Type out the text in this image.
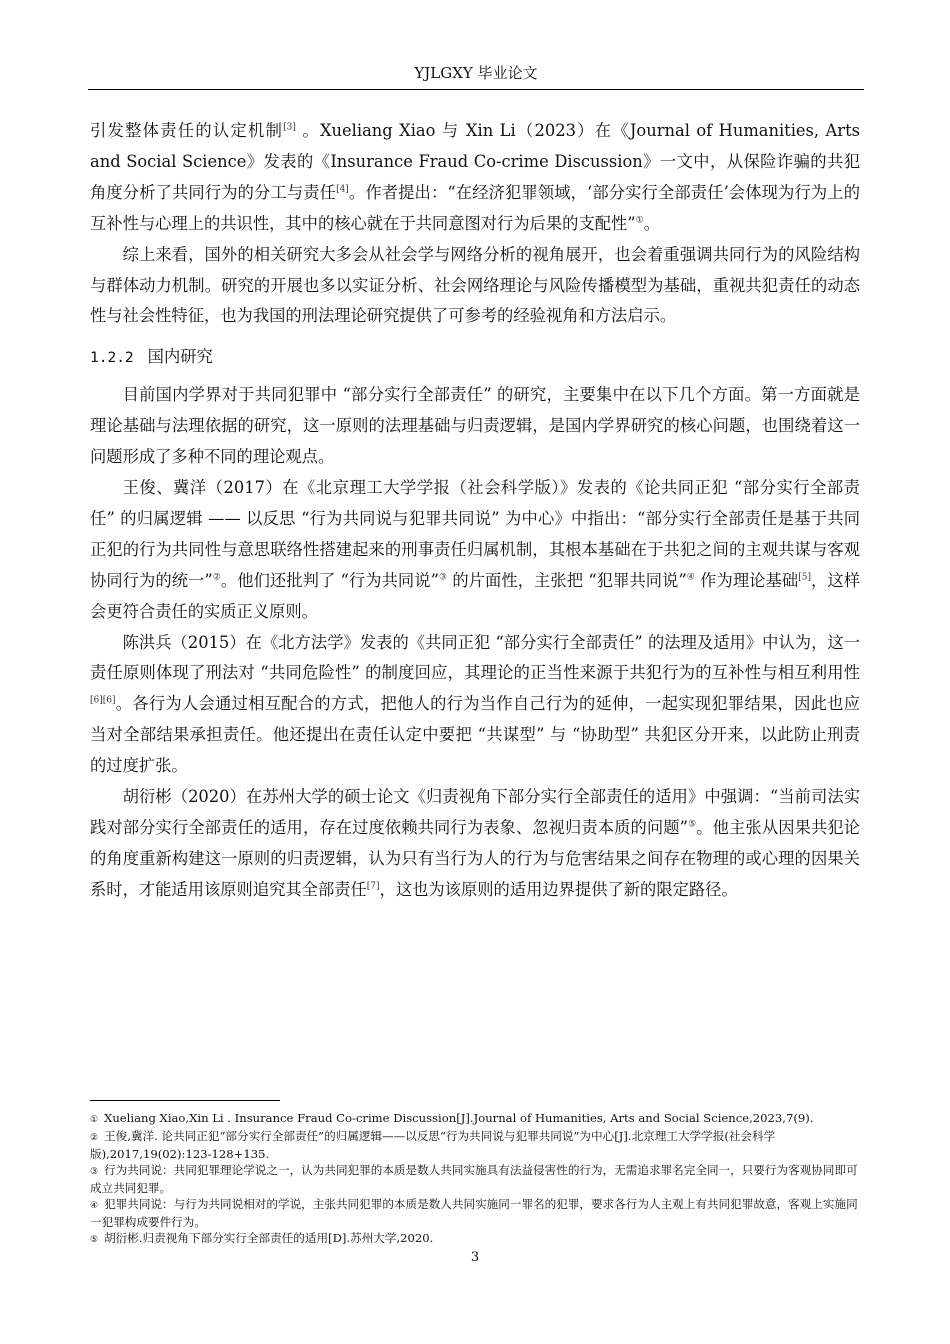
YJLGXY 毕业论文

引发整体责任的认定机制[3] 。Xueliang Xiao 与 Xin Li（2023）在《Journal of Humanities, Arts and Social Science》发表的《Insurance Fraud Co-crime Discussion》一文中，从保险诈骗的共犯角度分析了共同行为的分工与责任[4]。作者提出：“在经济犯罪领域，‘部分实行全部责任’会体现为行为上的互补性与心理上的共识性，其中的核心就在于共同意图对行为后果的支配性”①。

综上来看，国外的相关研究大多会从社会学与网络分析的视角展开，也会着重强调共同行为的风险结构与群体动力机制。研究的开展也多以实证分析、社会网络理论与风险传播模型为基础，重视共犯责任的动态性与社会性特征，也为我国的刑法理论研究提供了可参考的经验视角和方法启示。

1.2.2 国内研究

目前国内学界对于共同犯罪中 “部分实行全部责任” 的研究，主要集中在以下几个方面。第一方面就是理论基础与法理依据的研究，这一原则的法理基础与归责逻辑，是国内学界研究的核心问题，也围绕着这一问题形成了多种不同的理论观点。

王俊、冀洋（2017）在《北京理工大学学报（社会科学版）》发表的《论共同正犯 “部分实行全部责任” 的归属逻辑 —— 以反思 “行为共同说与犯罪共同说” 为中心》中指出：“部分实行全部责任是基于共同正犯的行为共同性与意思联络性搭建起来的刑事责任归属机制，其根本基础在于共犯之间的主观共谋与客观协同行为的统一”②。他们还批判了 “行为共同说”③ 的片面性，主张把 “犯罪共同说”④ 作为理论基础[5]，这样会更符合责任的实质正义原则。

陈洪兵（2015）在《北方法学》发表的《共同正犯 “部分实行全部责任” 的法理及适用》中认为，这一责任原则体现了刑法对 “共同危险性” 的制度回应，其理论的正当性来源于共犯行为的互补性与相互利用性[6][6]。各行为人会通过相互配合的方式，把他人的行为当作自己行为的延伸，一起实现犯罪结果，因此也应当对全部结果承担责任。他还提出在责任认定中要把 “共谋型” 与 “协助型” 共犯区分开来，以此防止刑责的过度扩张。

胡衍彬（2020）在苏州大学的硕士论文《归责视角下部分实行全部责任的适用》中强调：“当前司法实践对部分实行全部责任的适用，存在过度依赖共同行为表象、忽视归责本质的问题”⑤。他主张从因果共犯论的角度重新构建这一原则的归责逻辑，认为只有当行为人的行为与危害结果之间存在物理的或心理的因果关系时，才能适用该原则追究其全部责任[7]，这也为该原则的适用边界提供了新的限定路径。

① Xueliang Xiao,Xin Li . Insurance Fraud Co-crime Discussion[J].Journal of Humanities, Arts and Social Science,2023,7(9).

② 王俊,冀洋. 论共同正犯“部分实行全部责任”的归属逻辑——以反思“行为共同说与犯罪共同说”为中心[J].北京理工大学学报(社会科学版),2017,19(02):123-128+135.

③ 行为共同说：共同犯罪理论学说之一，认为共同犯罪的本质是数人共同实施具有法益侵害性的行为，无需追求罪名完全同一，只要行为客观协同即可成立共同犯罪。

④ 犯罪共同说：与行为共同说相对的学说，主张共同犯罪的本质是数人共同实施同一罪名的犯罪，要求各行为人主观上有共同犯罪故意，客观上实施同一犯罪构成要件行为。

⑤ 胡衍彬.归责视角下部分实行全部责任的适用[D].苏州大学,2020.

3
